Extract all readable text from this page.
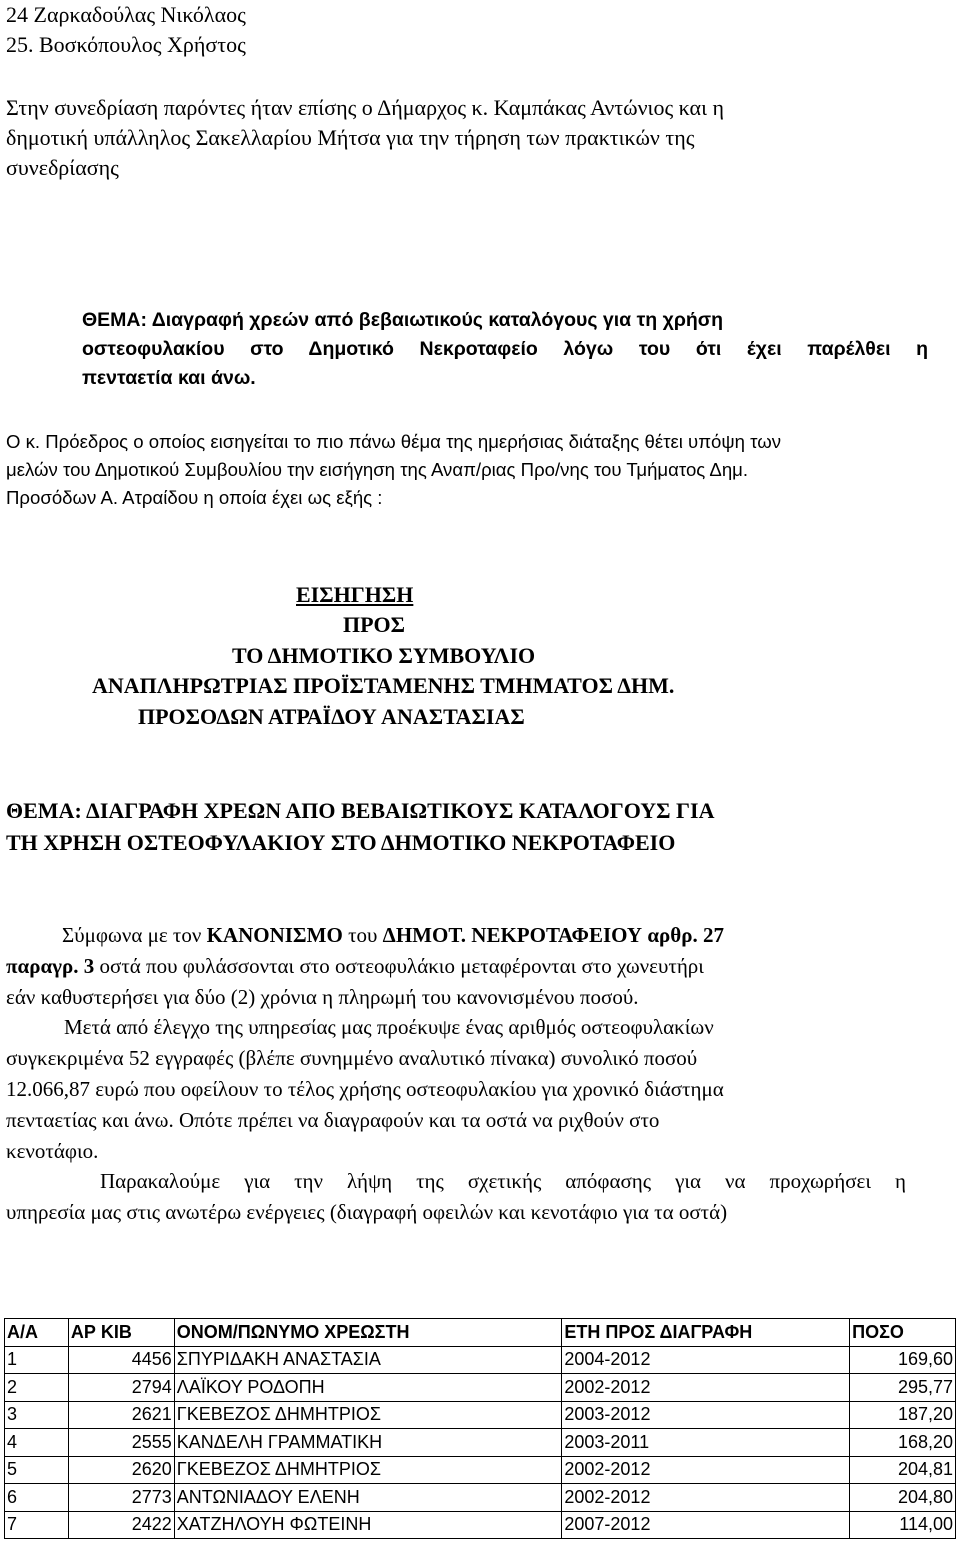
24 Ζαρκαδούλας Νικόλαος
25. Βοσκόπουλος Χρήστος
Στην συνεδρίαση παρόντες ήταν επίσης ο Δήμαρχος κ. Καμπάκας Αντώνιος και η
δημοτική υπάλληλος Σακελλαρίου Μήτσα για την τήρηση των πρακτικών της
συνεδρίασης
ΘΕΜΑ: Διαγραφή χρεών από βεβαιωτικούς καταλόγους για τη χρήση
οστεοφυλακίου στο Δημοτικό Νεκροταφείο λόγω του ότι έχει παρέλθει η
πενταετία και άνω.
Ο κ. Πρόεδρος ο οποίος εισηγείται το πιο πάνω θέμα της ημερήσιας διάταξης θέτει υπόψη των
μελών του Δημοτικού Συμβουλίου την εισήγηση της Αναπ/ριας Προ/νης του Τμήματος Δημ.
Προσόδων Α. Ατραίδου η οποία έχει ως εξής :
ΕΙΣΗΓΗΣΗ
ΠΡΟΣ
ΤΟ ΔΗΜΟΤΙΚΟ ΣΥΜΒΟΥΛΙΟ
ΑΝΑΠΛΗΡΩΤΡΙΑΣ ΠΡΟΪΣΤΑΜΕΝΗΣ ΤΜΗΜΑΤΟΣ ΔΗΜ.
ΠΡΟΣΟΔΩΝ ΑΤΡΑΪΔΟΥ ΑΝΑΣΤΑΣΙΑΣ
ΘΕΜΑ: ΔΙΑΓΡΑΦΗ ΧΡΕΩΝ ΑΠΟ ΒΕΒΑΙΩΤΙΚΟΥΣ ΚΑΤΑΛΟΓΟΥΣ ΓΙΑ
ΤΗ ΧΡΗΣΗ ΟΣΤΕΟΦΥΛΑΚΙΟΥ ΣΤΟ ΔΗΜΟΤΙΚΟ ΝΕΚΡΟΤΑΦΕΙΟ
Σύμφωνα με τον ΚΑΝΟΝΙΣΜΟ του ΔΗΜΟΤ. ΝΕΚΡΟΤΑΦΕΙΟΥ αρθρ. 27
παραγρ. 3 οστά που φυλάσσονται στο οστεοφυλάκιο μεταφέρονται στο χωνευτήρι
εάν καθυστερήσει για δύο (2) χρόνια η πληρωμή του κανονισμένου ποσού.
Μετά από έλεγχο της υπηρεσίας μας προέκυψε ένας αριθμός οστεοφυλακίων
συγκεκριμένα 52 εγγραφές (βλέπε συνημμένο αναλυτικό πίνακα) συνολικό ποσού
12.066,87 ευρώ που οφείλουν το τέλος χρήσης οστεοφυλακίου για χρονικό διάστημα
πενταετίας και άνω. Οπότε πρέπει να διαγραφούν και τα οστά να ριχθούν στο
κενοτάφιο.
Παρακαλούμε για την λήψη της σχετικής απόφασης για να προχωρήσει η
υπηρεσία μας στις ανωτέρω ενέργειες (διαγραφή οφειλών και κενοτάφιο για τα οστά)
Α/Α	ΑΡ ΚΙΒ	ΟΝΟΜ/ΠΩΝΥΜΟ ΧΡΕΩΣΤΗ	ΕΤΗ ΠΡΟΣ ΔΙΑΓΡΑΦΗ	ΠΟΣΟ
1	4456	ΣΠΥΡΙΔΑΚΗ ΑΝΑΣΤΑΣΙΑ	2004-2012	169,60
2	2794	ΛΑΪΚΟΥ ΡΟΔΟΠΗ	2002-2012	295,77
3	2621	ΓΚΕΒΕΖΟΣ ΔΗΜΗΤΡΙΟΣ	2003-2012	187,20
4	2555	ΚΑΝΔΕΛΗ ΓΡΑΜΜΑΤΙΚΗ	2003-2011	168,20
5	2620	ΓΚΕΒΕΖΟΣ ΔΗΜΗΤΡΙΟΣ	2002-2012	204,81
6	2773	ΑΝΤΩΝΙΑΔΟΥ ΕΛΕΝΗ	2002-2012	204,80
7	2422	ΧΑΤΖΗΛΟΥΗ ΦΩΤΕΙΝΗ	2007-2012	114,00
